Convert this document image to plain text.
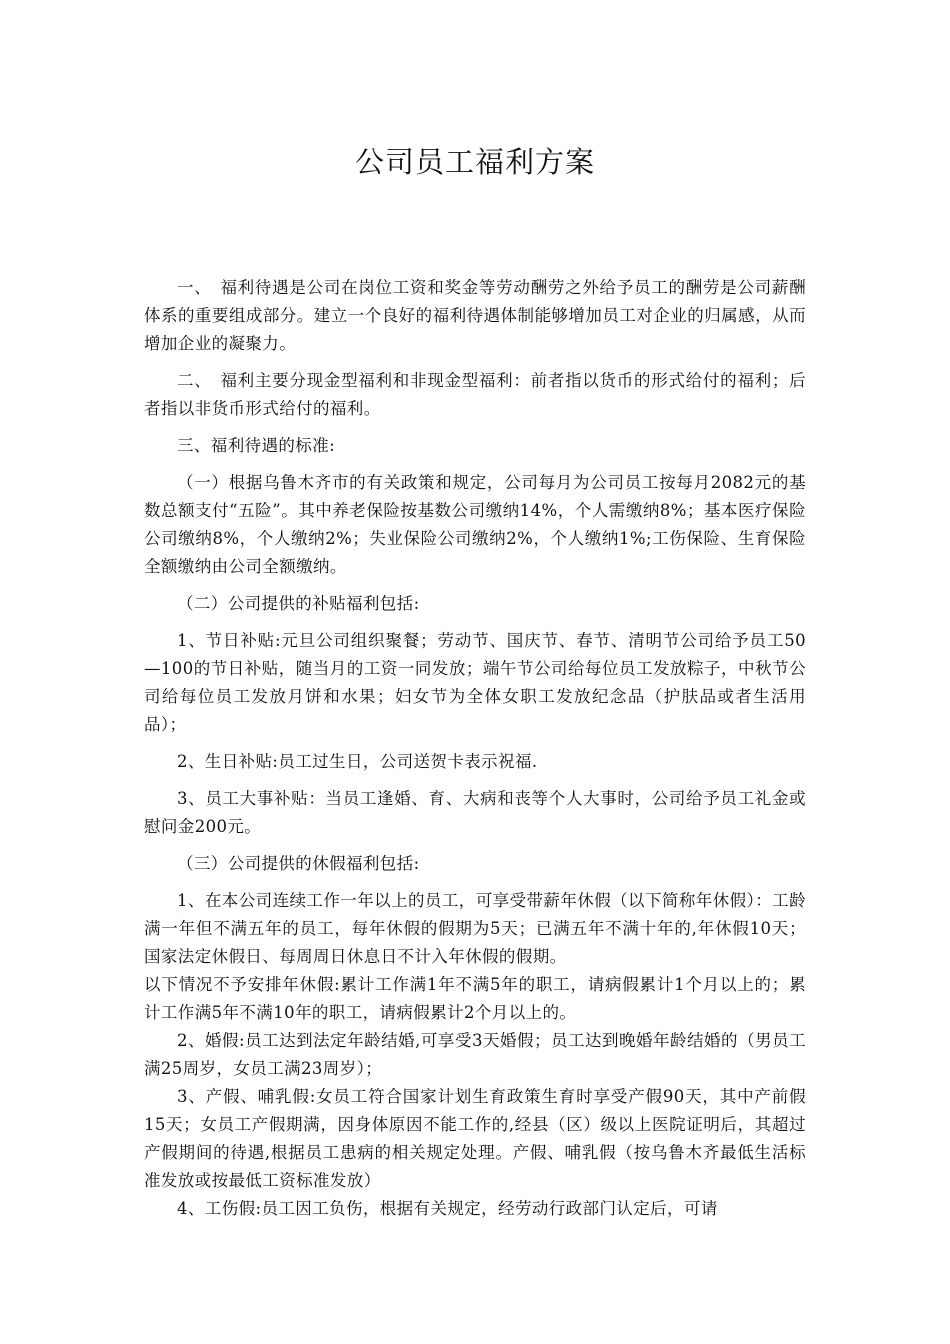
公司员工福利方案

一、　福利待遇是公司在岗位工资和奖金等劳动酬劳之外给予员工的酬劳是公司薪酬体系的重要组成部分。建立一个良好的福利待遇体制能够增加员工对企业的归属感，从而增加企业的凝聚力。

二、　福利主要分现金型福利和非现金型福利：前者指以货币的形式给付的福利；后者指以非货币形式给付的福利。

三、福利待遇的标准:

（一）根据乌鲁木齐市的有关政策和规定，公司每月为公司员工按每月2082元的基数总额支付“五险”。其中养老保险按基数公司缴纳14%，个人需缴纳8%；基本医疗保险公司缴纳8%，个人缴纳2%；失业保险公司缴纳2%，个人缴纳1%;工伤保险、生育保险全额缴纳由公司全额缴纳。

（二）公司提供的补贴福利包括:

1、节日补贴:元旦公司组织聚餐；劳动节、国庆节、春节、清明节公司给予员工50—100的节日补贴，随当月的工资一同发放；端午节公司给每位员工发放粽子，中秋节公司给每位员工发放月饼和水果；妇女节为全体女职工发放纪念品（护肤品或者生活用品）；

2、生日补贴:员工过生日，公司送贺卡表示祝福.

3、员工大事补贴：当员工逢婚、育、大病和丧等个人大事时，公司给予员工礼金或慰问金200元。

（三）公司提供的休假福利包括:

1、在本公司连续工作一年以上的员工，可享受带薪年休假（以下简称年休假）：工龄满一年但不满五年的员工，每年休假的假期为5天；已满五年不满十年的,年休假10天；国家法定休假日、每周周日休息日不计入年休假的假期。

以下情况不予安排年休假:累计工作满1年不满5年的职工，请病假累计1个月以上的；累计工作满5年不满10年的职工，请病假累计2个月以上的。

2、婚假:员工达到法定年龄结婚,可享受3天婚假；员工达到晚婚年龄结婚的（男员工满25周岁，女员工满23周岁）；

3、产假、哺乳假:女员工符合国家计划生育政策生育时享受产假90天，其中产前假15天；女员工产假期满，因身体原因不能工作的,经县（区）级以上医院证明后，其超过产假期间的待遇,根据员工患病的相关规定处理。产假、哺乳假（按乌鲁木齐最低生活标准发放或按最低工资标准发放）

4、工伤假:员工因工负伤，根据有关规定，经劳动行政部门认定后，可请
